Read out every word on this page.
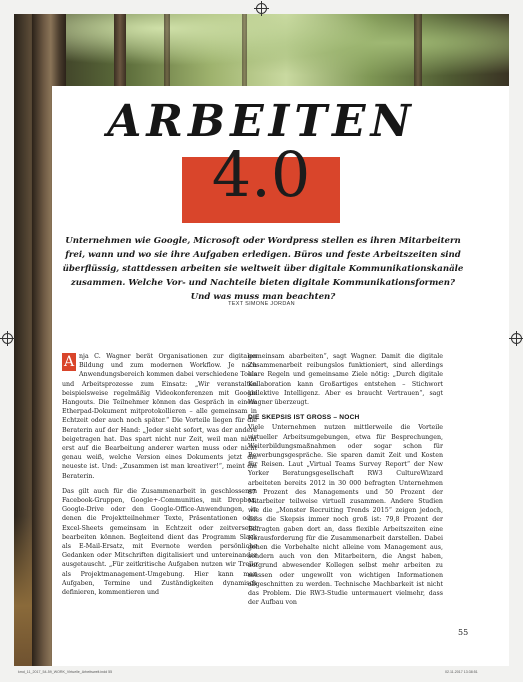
ARBEITEN
4.0

Unternehmen wie Google, Microsoft oder Wordpress stellen es ihren Mitarbeitern frei, wann und wo sie ihre Aufgaben erledigen. Büros und feste Arbeitszeiten sind überflüssig, stattdessen arbeiten sie weltweit über digitale Kommunikationskanäle zusammen. Welche Vor- und Nachteile bieten digitale Kommunikationsformen? Und was muss man beachten?

TEXT SIMONE JORDAN

A nja C. Wagner berät Organisationen zur digitalen Bildung und zum modernen Workflow. Je nach Anwendungsbereich kommen dabei verschiedene Tools und Arbeitsprozesse zum Einsatz: „Wir veranstalten beispielsweise regelmäßig Videokonferenzen mit Google Hangouts. Die Teilnehmer können das Gespräch in einem Etherpad-Dokument mitprotokollieren – alle gemeinsam in Echtzeit oder auch noch später.“ Die Vorteile liegen für die Beraterin auf der Hand: „Jeder sieht sofort, was der andere beigetragen hat. Das spart nicht nur Zeit, weil man nicht erst auf die Bearbeitung anderer warten muss oder nicht genau weiß, welche Version eines Dokuments jetzt die neueste ist. Und: „Zusammen ist man kreativer!“, meint die Beraterin.

Das gilt auch für die Zusammenarbeit in geschlossenen Facebook-Gruppen, Google+-Communities, mit Dropbox, Google-Drive oder den Google-Office-Anwendungen, in denen die Projektteilnehmer Texte, Präsentationen oder Excel-Sheets gemeinsam in Echtzeit oder zeitversetzt bearbeiten können. Begleitend dient das Programm Slack als E-Mail-Ersatz, mit Evernote werden persönliche Gedanken oder Mitschriften digitalisiert und untereinander ausgetauscht. „Für zeitkritische Aufgaben nutzen wir Trello als Projektmanagement-Umgebung. Hier kann man Aufgaben, Termine und Zuständigkeiten dynamisch definieren, kommentieren und

gemeinsam abarbeiten“, sagt Wagner. Damit die digitale Zusammenarbeit reibungslos funktioniert, sind allerdings klare Regeln und gemeinsame Ziele nötig: „Durch digitale Kollaboration kann Großartiges entstehen – Stichwort kollektive Intelligenz. Aber es braucht Vertrauen“, sagt Wagner überzeugt.

DIE SKEPSIS IST GROSS – NOCH

Viele Unternehmen nutzen mittlerweile die Vorteile virtueller Arbeitsumgebungen, etwa für Besprechungen, Weiterbildungsmaßnahmen oder sogar schon für Bewerbungsgespräche. Sie sparen damit Zeit und Kosten für Reisen. Laut „Virtual Teams Survey Report“ der New Yorker Beratungsgesellschaft RW3 CultureWizard arbeiteten bereits 2012 in 30 000 befragten Unternehmen 87 Prozent des Managements und 50 Prozent der Mitarbeiter teilweise virtuell zusammen. Andere Studien wie die „Monster Recruiting Trends 2015“ zeigen jedoch, dass die Skepsis immer noch groß ist: 79,8 Prozent der Befragten gaben dort an, dass flexible Arbeitszeiten eine Herausforderung für die Zusammenarbeit darstellen. Dabei gehen die Vorbehalte nicht alleine vom Management aus, sondern auch von den Mitarbeitern, die Angst haben, aufgrund abwesender Kollegen selbst mehr arbeiten zu müssen oder ungewollt von wichtigen Informationen abgeschnitten zu werden. Technische Machbarkeit ist nicht das Problem. Die RW3-Studie untermauert vielmehr, dass der Aufbau von

55
kmd_11_2017_54-59_WORK_Virtuelle_Arbeitswelt.indd 55	02.11.2017 13:38:51
